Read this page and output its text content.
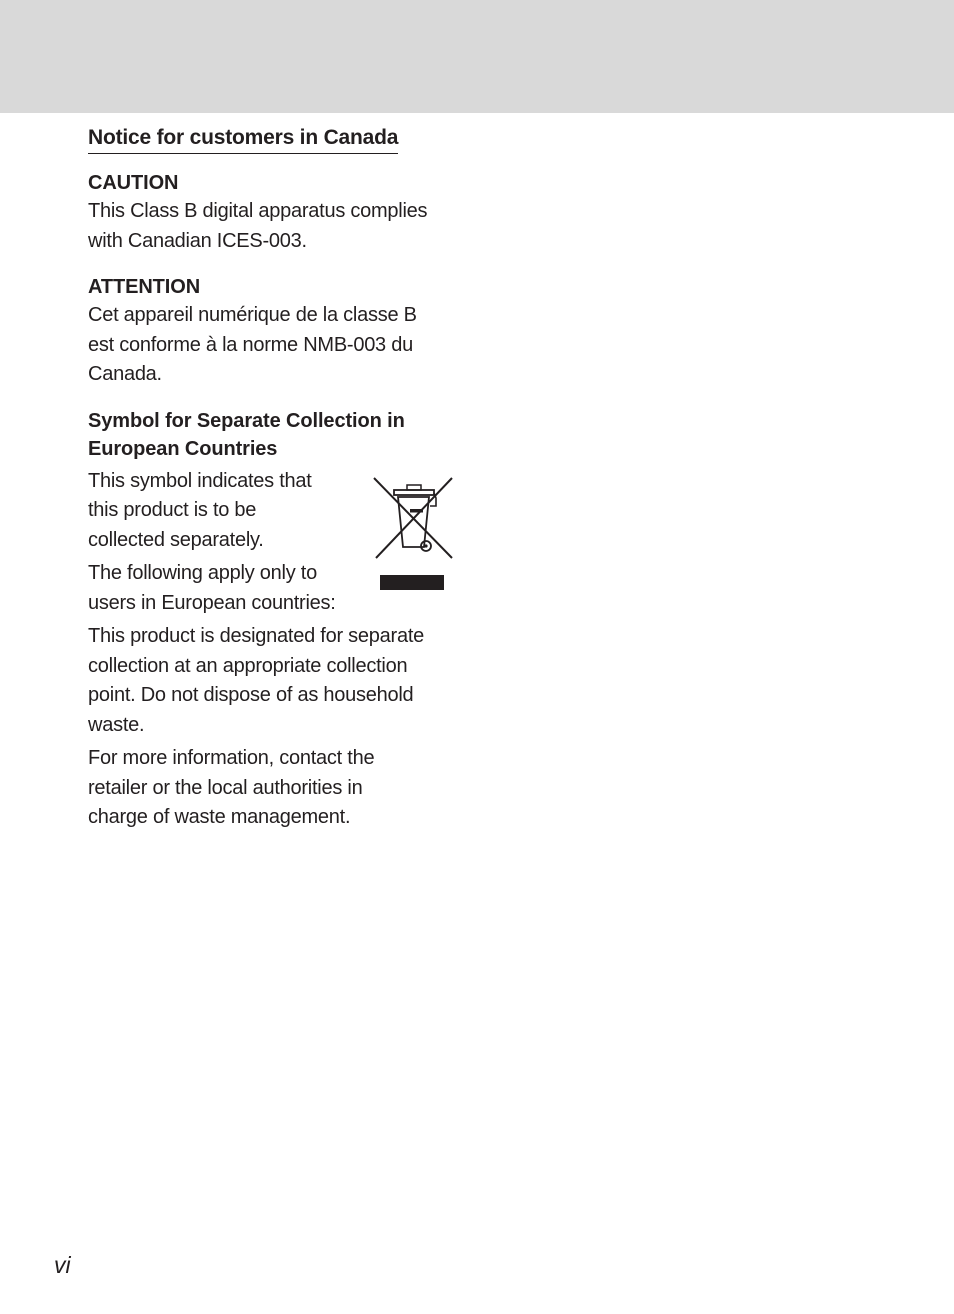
Notice for customers in Canada
CAUTION
This Class B digital apparatus complies
with Canadian ICES-003.
ATTENTION
Cet appareil numérique de la classe B
est conforme à la norme NMB-003 du
Canada.
Symbol for Separate Collection in
European Countries
This symbol indicates that
this product is to be
collected separately.
The following apply only to
users in European countries:
This product is designated for separate
collection at an appropriate collection
point. Do not dispose of as household
waste.
For more information, contact the
retailer or the local authorities in
charge of waste management.
vi
